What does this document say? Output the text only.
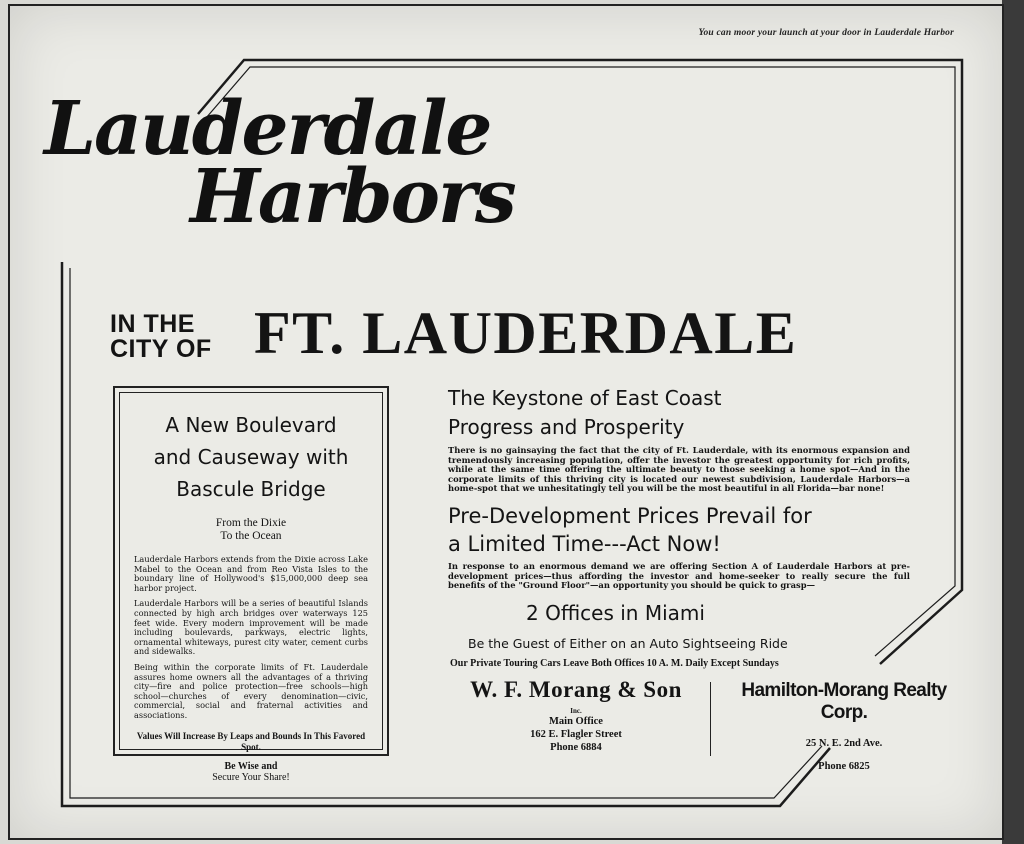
You can moor your launch at your door in Lauderdale Harbor
Lauderdale
Harbors
IN THE
CITY OF FT. LAUDERDALE
A New Boulevard
and Causeway with
Bascule Bridge
From the Dixie
To the Ocean
Lauderdale Harbors extends from the Dixie across Lake Mabel to the Ocean and from Reo Vista Isles to the boundary line of Hollywood's $15,000,000 deep sea harbor project.
Lauderdale Harbors will be a series of beautiful Islands connected by high arch bridges over waterways 125 feet wide. Every modern improvement will be made including boulevards, parkways, electric lights, ornamental whiteways, purest city water, cement curbs and sidewalks.
Being within the corporate limits of Ft. Lauderdale assures home owners all the advantages of a thriving city—fire and police protection—free schools—high school—churches of every denomination—civic, commercial, social and fraternal activities and associations.
Values Will Increase By Leaps and Bounds In This Favored Spot.
Be Wise and
Secure Your Share!
The Keystone of East Coast
Progress and Prosperity
There is no gainsaying the fact that the city of Ft. Lauderdale, with its enormous expansion and tremendously increasing population, offer the investor the greatest opportunity for rich profits, while at the same time offering the ultimate beauty to those seeking a home spot—And in the corporate limits of this thriving city is located our newest subdivision, Lauderdale Harbors—a home-spot that we unhesitatingly tell you will be the most beautiful in all Florida—bar none!
Pre-Development Prices Prevail for
a Limited Time---Act Now!
In response to an enormous demand we are offering Section A of Lauderdale Harbors at pre-development prices—thus affording the investor and home-seeker to really secure the full benefits of the "Ground Floor"—an opportunity you should be quick to grasp—
2 Offices in Miami
Be the Guest of Either on an Auto Sightseeing Ride
Our Private Touring Cars Leave Both Offices 10 A. M. Daily Except Sundays
W. F. Morang & Son
Inc.
Main Office
162 E. Flagler Street
Phone 6884
Hamilton-Morang Realty Corp.
25 N. E. 2nd Ave.
Phone 6825
